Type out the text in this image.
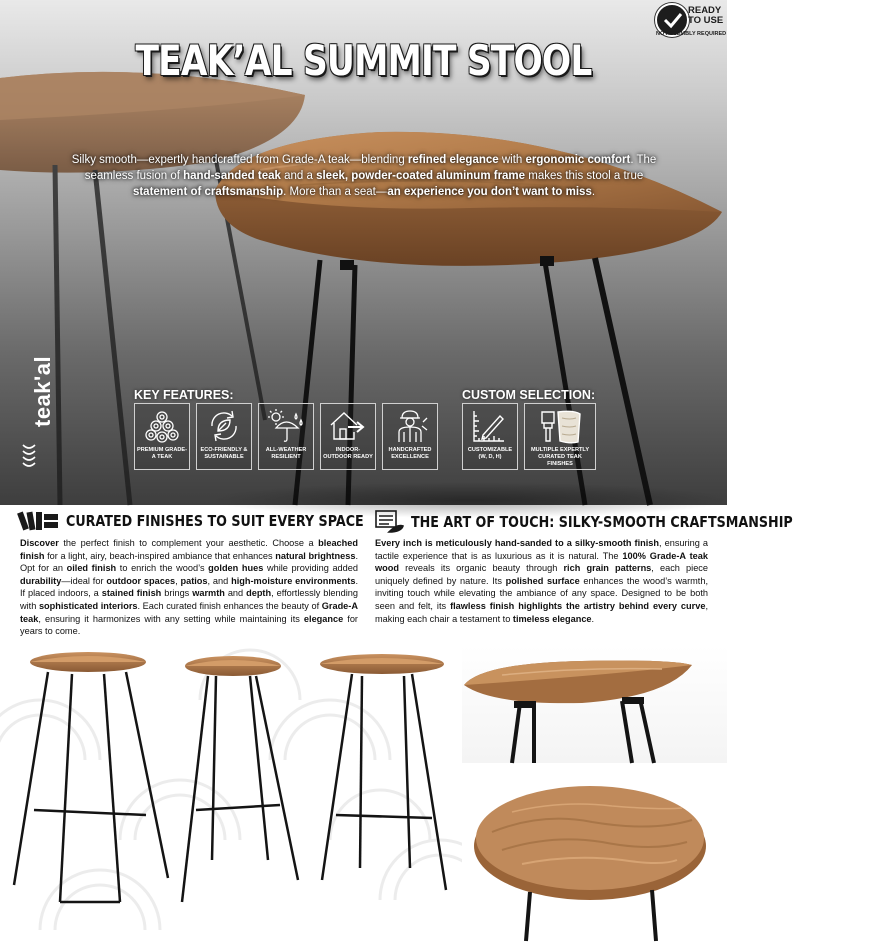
TEAK’AL SUMMIT STOOL
Silky smooth—expertly handcrafted from Grade-A teak—blending refined elegance with ergonomic comfort. The seamless fusion of hand-sanded teak and a sleek, powder-coated aluminum frame makes this stool a true statement of craftsmanship. More than a seat—an experience you don’t want to miss.
teak'al	KEY FEATURES:
PREMIUM GRADE-A TEAK
ECO-FRIENDLY & SUSTAINABLE
ALL-WEATHER RESILIENT
INDOOR-OUTDOOR READY
HANDCRAFTED EXCELLENCE
CUSTOM SELECTION:
CUSTOMIZABLE (W, D, H)
MULTIPLE EXPERTLY CURATED TEAK FINISHES
READY
TO USE
NO ASSEMBLY REQUIRED
CURATED FINISHES TO SUIT EVERY SPACE
Discover the perfect finish to complement your aesthetic. Choose a bleached finish for a light, airy, beach-inspired ambiance that enhances natural brightness. Opt for an oiled finish to enrich the wood’s golden hues while providing added durability—ideal for outdoor spaces, patios, and high-moisture environments. If placed indoors, a stained finish brings warmth and depth, effortlessly blending with sophisticated interiors. Each curated finish enhances the beauty of Grade-A teak, ensuring it harmonizes with any setting while maintaining its elegance for years to come.
THE ART OF TOUCH: SILKY-SMOOTH CRAFTSMANSHIP
Every inch is meticulously hand-sanded to a silky-smooth finish, ensuring a tactile experience that is as luxurious as it is natural. The 100% Grade-A teak wood reveals its organic beauty through rich grain patterns, each piece uniquely defined by nature. Its polished surface enhances the wood’s warmth, inviting touch while elevating the ambiance of any space. Designed to be both seen and felt, its flawless finish highlights the artistry behind every curve, making each chair a testament to timeless elegance.
